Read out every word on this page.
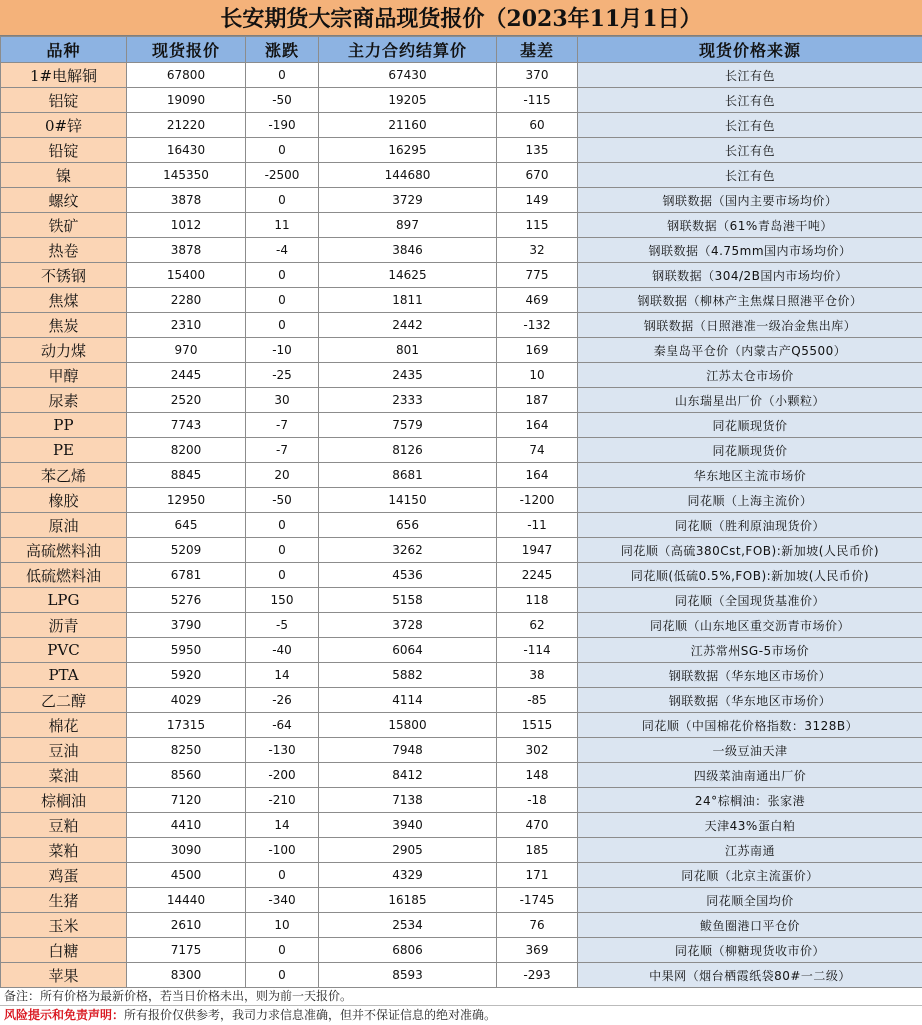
长安期货大宗商品现货报价（2023年11月1日）
品种	现货报价	涨跌	主力合约结算价	基差	现货价格来源
1#电解铜	67800	0	67430	370	长江有色
铝锭	19090	-50	19205	-115	长江有色
0#锌	21220	-190	21160	60	长江有色
铅锭	16430	0	16295	135	长江有色
镍	145350	-2500	144680	670	长江有色
螺纹	3878	0	3729	149	钢联数据（国内主要市场均价）
铁矿	1012	11	897	115	钢联数据（61%青岛港干吨）
热卷	3878	-4	3846	32	钢联数据（4.75mm国内市场均价）
不锈钢	15400	0	14625	775	钢联数据（304/2B国内市场均价）
焦煤	2280	0	1811	469	钢联数据（柳林产主焦煤日照港平仓价）
焦炭	2310	0	2442	-132	钢联数据（日照港准一级冶金焦出库）
动力煤	970	-10	801	169	秦皇岛平仓价（内蒙古产Q5500）
甲醇	2445	-25	2435	10	江苏太仓市场价
尿素	2520	30	2333	187	山东瑞星出厂价（小颗粒）
PP	7743	-7	7579	164	同花顺现货价
PE	8200	-7	8126	74	同花顺现货价
苯乙烯	8845	20	8681	164	华东地区主流市场价
橡胶	12950	-50	14150	-1200	同花顺（上海主流价）
原油	645	0	656	-11	同花顺（胜利原油现货价）
高硫燃料油	5209	0	3262	1947	同花顺（高硫380Cst,FOB):新加坡(人民币价)
低硫燃料油	6781	0	4536	2245	同花顺(低硫0.5%,FOB):新加坡(人民币价)
LPG	5276	150	5158	118	同花顺（全国现货基准价）
沥青	3790	-5	3728	62	同花顺（山东地区重交沥青市场价）
PVC	5950	-40	6064	-114	江苏常州SG-5市场价
PTA	5920	14	5882	38	钢联数据（华东地区市场价）
乙二醇	4029	-26	4114	-85	钢联数据（华东地区市场价）
棉花	17315	-64	15800	1515	同花顺（中国棉花价格指数：3128B）
豆油	8250	-130	7948	302	一级豆油天津
菜油	8560	-200	8412	148	四级菜油南通出厂价
棕榈油	7120	-210	7138	-18	24°棕榈油：张家港
豆粕	4410	14	3940	470	天津43%蛋白粕
菜粕	3090	-100	2905	185	江苏南通
鸡蛋	4500	0	4329	171	同花顺（北京主流蛋价）
生猪	14440	-340	16185	-1745	同花顺全国均价
玉米	2610	10	2534	76	鲅鱼圈港口平仓价
白糖	7175	0	6806	369	同花顺（柳糖现货收市价）
苹果	8300	0	8593	-293	中果网（烟台栖霞纸袋80#一二级）
备注：所有价格为最新价格，若当日价格未出，则为前一天报价。
风险提示和免责声明：所有报价仅供参考，我司力求信息准确，但并不保证信息的绝对准确。
